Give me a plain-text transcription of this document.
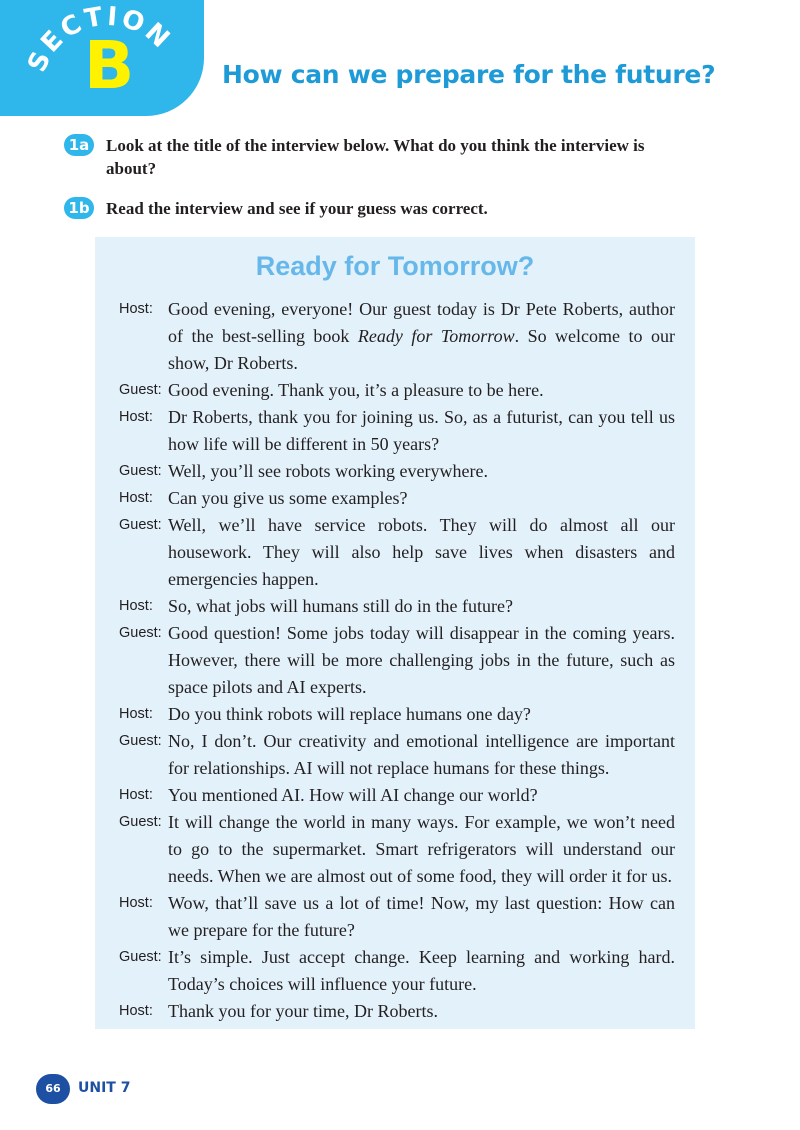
SECTION
B	How can we prepare for the future?
1a Look at the title of the interview below. What do you think the interview is about?
1b Read the interview and see if your guess was correct.
Ready for Tomorrow?
Host: Good evening, everyone! Our guest today is Dr Pete Roberts, author of the best-selling book Ready for Tomorrow. So welcome to our show, Dr Roberts.
Guest: Good evening. Thank you, it’s a pleasure to be here.
Host: Dr Roberts, thank you for joining us. So, as a futurist, can you tell us how life will be different in 50 years?
Guest: Well, you’ll see robots working everywhere.
Host: Can you give us some examples?
Guest: Well, we’ll have service robots. They will do almost all our housework. They will also help save lives when disasters and emergencies happen.
Host: So, what jobs will humans still do in the future?
Guest: Good question! Some jobs today will disappear in the coming years. However, there will be more challenging jobs in the future, such as space pilots and AI experts.
Host: Do you think robots will replace humans one day?
Guest: No, I don’t. Our creativity and emotional intelligence are important for relationships. AI will not replace humans for these things.
Host: You mentioned AI. How will AI change our world?
Guest: It will change the world in many ways. For example, we won’t need to go to the supermarket. Smart refrigerators will understand our needs. When we are almost out of some food, they will order it for us.
Host: Wow, that’ll save us a lot of time! Now, my last question: How can we prepare for the future?
Guest: It’s simple. Just accept change. Keep learning and working hard. Today’s choices will influence your future.
Host: Thank you for your time, Dr Roberts.
66	UNIT 7
